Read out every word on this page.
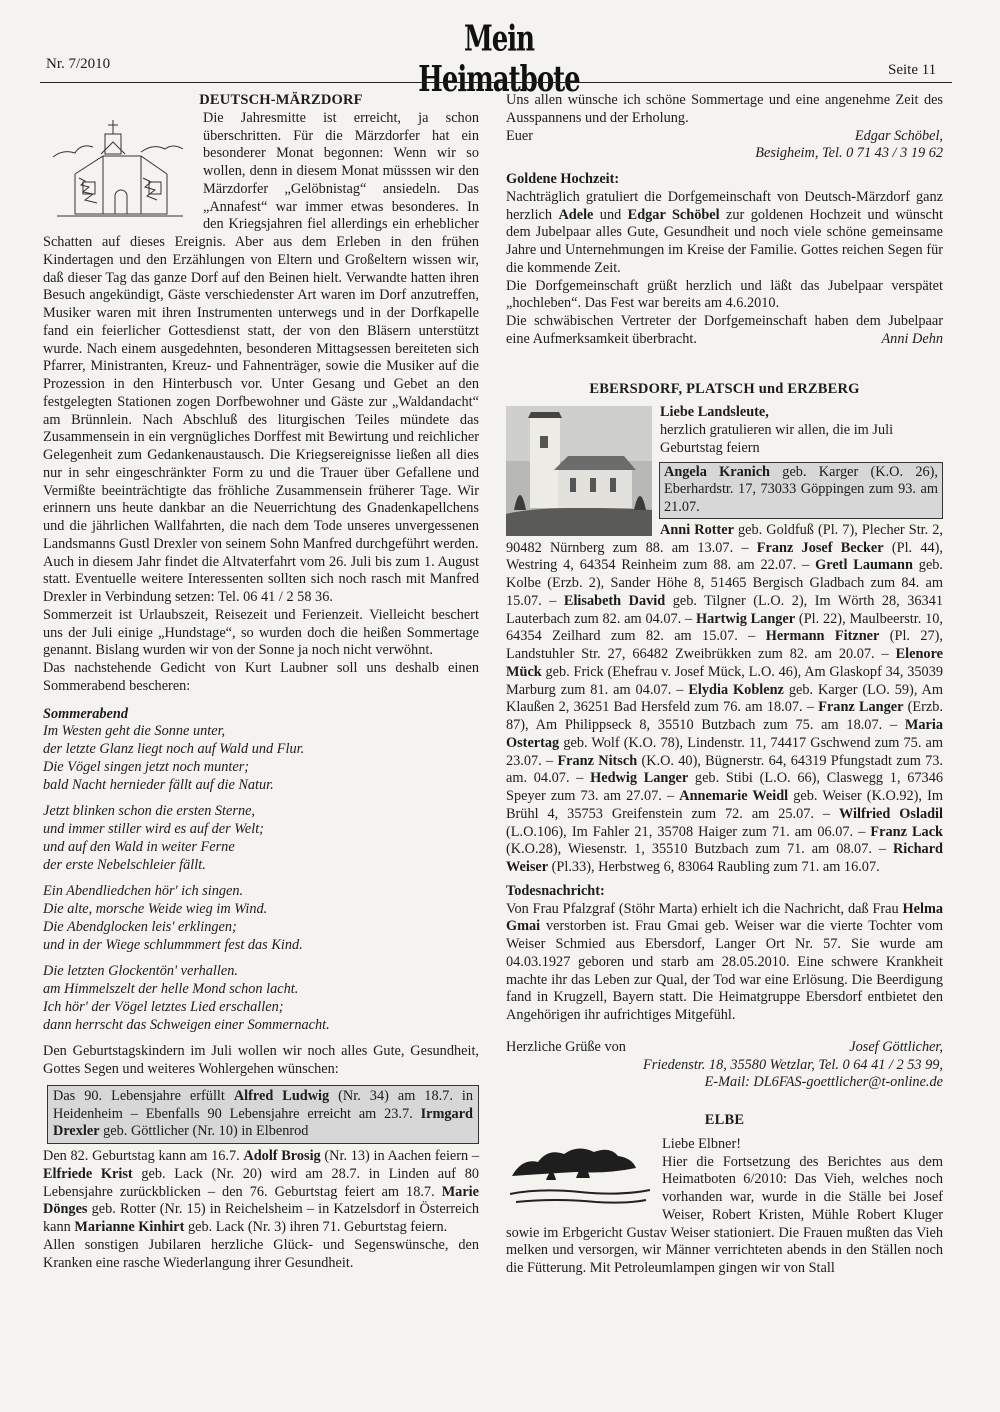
Nr. 7/2010
Mein Heimatbote	Seite 11
DEUTSCH-MÄRZDORF

Die Jahresmitte ist erreicht, ja schon überschritten. Für die Märzdorfer hat ein besonderer Monat begonnen: Wenn wir so wollen, denn in diesem Monat müsssen wir den Märzdorfer „Gelöbnistag“ ansiedeln. Das „Annafest“ war immer etwas besonderes. In den Kriegsjahren fiel allerdings ein erheblicher Schatten auf dieses Ereignis. Aber aus dem Erleben in den frühen Kindertagen und den Erzählungen von Eltern und Großeltern wissen wir, daß dieser Tag das ganze Dorf auf den Beinen hielt. Verwandte hatten ihren Besuch angekündigt, Gäste verschiedenster Art waren im Dorf anzutreffen, Musiker waren mit ihren Instrumenten unterwegs und in der Dorfkapelle fand ein feierlicher Gottesdienst statt, der von den Bläsern unterstützt wurde. Nach einem ausgedehnten, besonderen Mittagsessen bereiteten sich Pfarrer, Ministranten, Kreuz- und Fahnenträger, sowie die Musiker auf die Prozession in den Hinterbusch vor. Unter Gesang und Gebet an den festgelegten Stationen zogen Dorfbewohner und Gäste zur „Waldandacht“ am Brünnlein. Nach Abschluß des liturgischen Teiles mündete das Zusammensein in ein vergnügliches Dorffest mit Bewirtung und reichlicher Gelegenheit zum Gedankenaustausch. Die Kriegsereignisse ließen all dies nur in sehr eingeschränkter Form zu und die Trauer über Gefallene und Vermißte beeinträchtigte das fröhliche Zusammensein früherer Tage. Wir erinnern uns heute dankbar an die Neuerrichtung des Gnadenkapellchens und die jährlichen Wallfahrten, die nach dem Tode unseres unvergessenen Landsmanns Gustl Drexler von seinem Sohn Manfred durchgeführt werden.

Auch in diesem Jahr findet die Altvaterfahrt vom 26. Juli bis zum 1. August statt. Eventuelle weitere Interessenten sollten sich noch rasch mit Manfred Drexler in Verbindung setzen: Tel. 06 41 / 2 58 36.

Sommerzeit ist Urlaubszeit, Reisezeit und Ferienzeit. Vielleicht beschert uns der Juli einige „Hundstage“, so wurden doch die heißen Sommertage genannt. Bislang wurden wir von der Sonne ja noch nicht verwöhnt.

Das nachstehende Gedicht von Kurt Laubner soll uns deshalb einen Sommerabend bescheren:

Sommerabend
Im Westen geht die Sonne unter,
der letzte Glanz liegt noch auf Wald und Flur.
Die Vögel singen jetzt noch munter;
bald Nacht hernieder fällt auf die Natur.
Jetzt blinken schon die ersten Sterne,
und immer stiller wird es auf der Welt;
und auf den Wald in weiter Ferne
der erste Nebelschleier fällt.
Ein Abendliedchen hör' ich singen.
Die alte, morsche Weide wieg im Wind.
Die Abendglocken leis' erklingen;
und in der Wiege schlummmert fest das Kind.
Die letzten Glockentön' verhallen.
am Himmelszelt der helle Mond schon lacht.
Ich hör' der Vögel letztes Lied erschallen;
dann herrscht das Schweigen einer Sommernacht.

Den Geburtstagskindern im Juli wollen wir noch alles Gute, Gesundheit, Gottes Segen und weiteres Wohlergehen wünschen:

Das 90. Lebensjahre erfüllt Alfred Ludwig (Nr. 34) am 18.7. in Heidenheim – Ebenfalls 90 Lebensjahre erreicht am 23.7. Irmgard Drexler geb. Göttlicher (Nr. 10) in Elbenrod

Den 82. Geburtstag kann am 16.7. Adolf Brosig (Nr. 13) in Aachen feiern – Elfriede Krist geb. Lack (Nr. 20) wird am 28.7. in Linden auf 80 Lebensjahre zurückblicken – den 76. Geburtstag feiert am 18.7. Marie Dönges geb. Rotter (Nr. 15) in Reichelsheim – in Katzelsdorf in Österreich kann Marianne Kinhirt geb. Lack (Nr. 3) ihren 71. Geburtstag feiern.

Allen sonstigen Jubilaren herzliche Glück- und Segenswünsche, den Kranken eine rasche Wiederlangung ihrer Gesundheit.

Uns allen wünsche ich schöne Sommertage und eine angenehme Zeit des Ausspannens und der Erholung.

Euer	Edgar Schöbel,
Besigheim, Tel. 0 71 43 / 3 19 62
Goldene Hochzeit:

Nachträglich gratuliert die Dorfgemeinschaft von Deutsch-Märzdorf ganz herzlich Adele und Edgar Schöbel zur goldenen Hochzeit und wünscht dem Jubelpaar alles Gute, Gesundheit und noch viele schöne gemeinsame Jahre und Unternehmungen im Kreise der Familie. Gottes reichen Segen für die kommende Zeit.

Die Dorfgemeinschaft grüßt herzlich und läßt das Jubelpaar verspätet „hochleben“. Das Fest war bereits am 4.6.2010.

Die schwäbischen Vertreter der Dorfgemeinschaft haben dem Jubelpaar eine Aufmerksamkeit überbracht.	Anni Dehn

EBERSDORF, PLATSCH und ERZBERG
Liebe Landsleute,

herzlich gratulieren wir allen, die im Juli Geburtstag feiern

Angela Kranich geb. Karger (K.O. 26), Eberhardstr. 17, 73033 Göppingen zum 93. am 21.07.

Anni Rotter geb. Goldfuß (Pl. 7), Plecher Str. 2, 90482 Nürnberg zum 88. am 13.07. – Franz Josef Becker (Pl. 44), Westring 4, 64354 Reinheim zum 88. am 22.07. – Gretl Laumann geb. Kolbe (Erzb. 2), Sander Höhe 8, 51465 Bergisch Gladbach zum 84. am 15.07. – Elisabeth David geb. Tilgner (L.O. 2), Im Wörth 28, 36341 Lauterbach zum 82. am 04.07. – Hartwig Langer (Pl. 22), Maulbeerstr. 10, 64354 Zeilhard zum 82. am 15.07. – Hermann Fitzner (Pl. 27), Landstuhler Str. 27, 66482 Zweibrükken zum 82. am 20.07. – Elenore Mück geb. Frick (Ehefrau v. Josef Mück, L.O. 46), Am Glaskopf 34, 35039 Marburg zum 81. am 04.07. – Elydia Koblenz geb. Karger (LO. 59), Am Klaußen 2, 36251 Bad Hersfeld zum 76. am 18.07. – Franz Langer (Erzb. 87), Am Philippseck 8, 35510 Butzbach zum 75. am 18.07. – Maria Ostertag geb. Wolf (K.O. 78), Lindenstr. 11, 74417 Gschwend zum 75. am 23.07. – Franz Nitsch (K.O. 40), Bügnerstr. 64, 64319 Pfungstadt zum 73. am. 04.07. – Hedwig Langer geb. Stibi (L.O. 66), Claswegg 1, 67346 Speyer zum 73. am 27.07. – Annemarie Weidl geb. Weiser (K.O.92), Im Brühl 4, 35753 Greifenstein zum 72. am 25.07. – Wilfried Osladil (L.O.106), Im Fahler 21, 35708 Haiger zum 71. am 06.07. – Franz Lack (K.O.28), Wiesenstr. 1, 35510 Butzbach zum 71. am 08.07. – Richard Weiser (Pl.33), Herbstweg 6, 83064 Raubling zum 71. am 16.07.

Todesnachricht:

Von Frau Pfalzgraf (Stöhr Marta) erhielt ich die Nachricht, daß Frau Helma Gmai verstorben ist. Frau Gmai geb. Weiser war die vierte Tochter vom Weiser Schmied aus Ebersdorf, Langer Ort Nr. 57. Sie wurde am 04.03.1927 geboren und starb am 28.05.2010. Eine schwere Krankheit machte ihr das Leben zur Qual, der Tod war eine Erlösung. Die Beerdigung fand in Krugzell, Bayern statt. Die Heimatgruppe Ebersdorf entbietet den Angehörigen ihr aufrichtiges Mitgefühl.

Herzliche Grüße von	Josef Göttlicher,
Friedenstr. 18, 35580 Wetzlar, Tel. 0 64 41 / 2 53 99,
E-Mail: DL6FAS-goettlicher@t-online.de
ELBE
Liebe Elbner!

Hier die Fortsetzung des Berichtes aus dem Heimatboten 6/2010: Das Vieh, welches noch vorhanden war, wurde in die Ställe bei Josef Weiser, Robert Kristen, Mühle Robert Kluger sowie im Erbgericht Gustav Weiser stationiert. Die Frauen mußten das Vieh melken und versorgen, wir Männer verrichteten abends in den Ställen noch die Fütterung. Mit Petroleumlampen gingen wir von Stall
